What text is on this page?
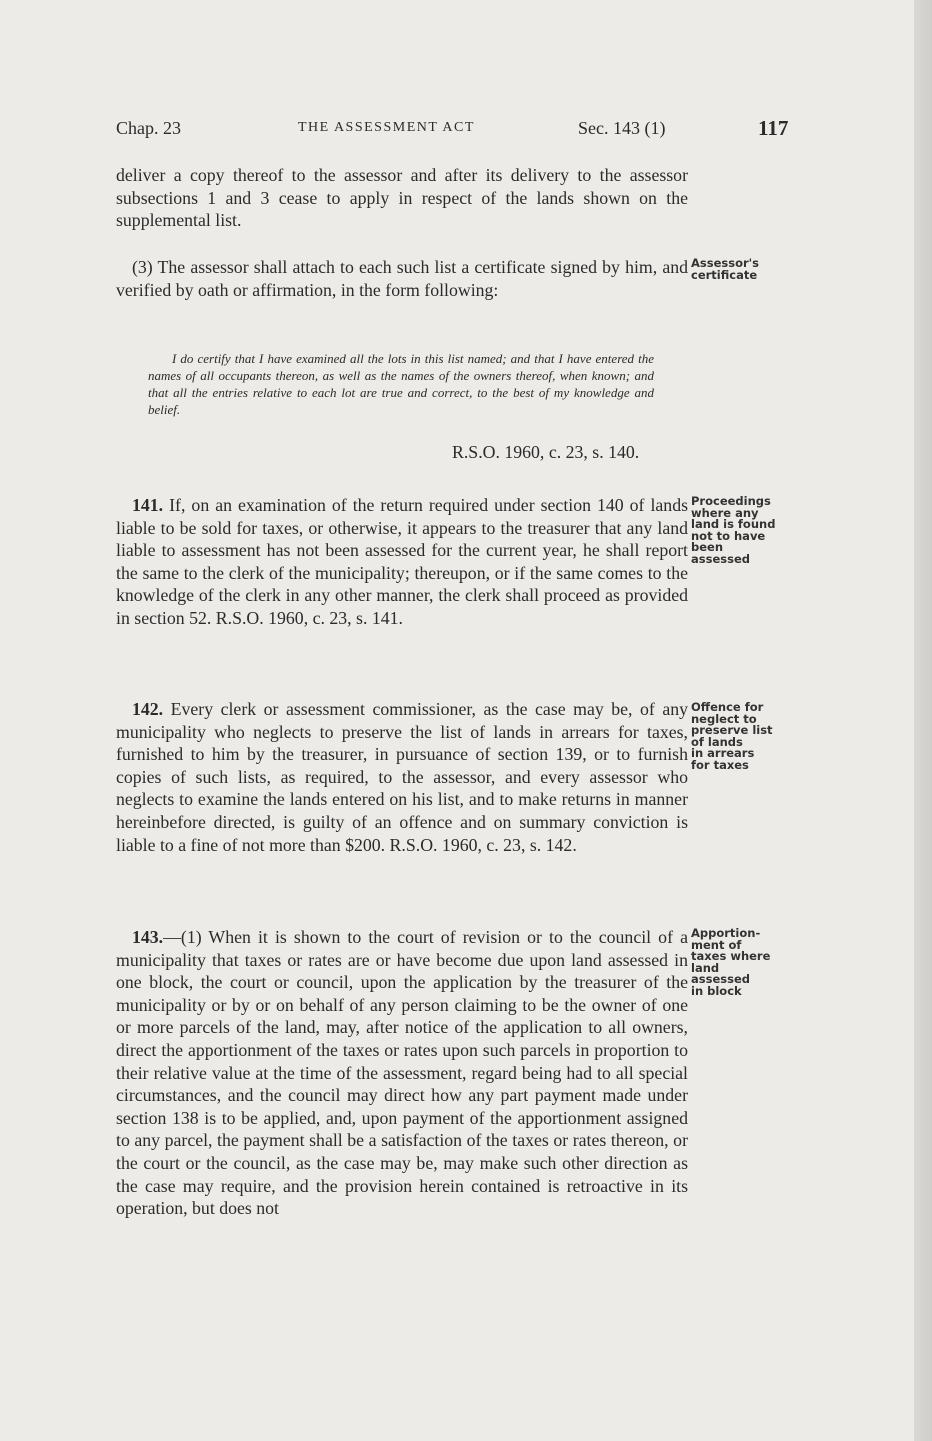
Chap. 23	THE ASSESSMENT ACT	Sec. 143 (1)	117

deliver a copy thereof to the assessor and after its delivery to the assessor subsections 1 and 3 cease to apply in respect of the lands shown on the supplemental list.

(3) The assessor shall attach to each such list a certificate signed by him, and verified by oath or affirmation, in the form following:

I do certify that I have examined all the lots in this list named; and that I have entered the names of all occupants thereon, as well as the names of the owners thereof, when known; and that all the entries relative to each lot are true and correct, to the best of my knowledge and belief.

R.S.O. 1960, c. 23, s. 140.

141. If, on an examination of the return required under section 140 of lands liable to be sold for taxes, or otherwise, it appears to the treasurer that any land liable to assessment has not been assessed for the current year, he shall report the same to the clerk of the municipality; thereupon, or if the same comes to the knowledge of the clerk in any other manner, the clerk shall proceed as provided in section 52. R.S.O. 1960, c. 23, s. 141.

142. Every clerk or assessment commissioner, as the case may be, of any municipality who neglects to preserve the list of lands in arrears for taxes, furnished to him by the treasurer, in pursuance of section 139, or to furnish copies of such lists, as required, to the assessor, and every assessor who neglects to examine the lands entered on his list, and to make returns in manner hereinbefore directed, is guilty of an offence and on summary conviction is liable to a fine of not more than $200. R.S.O. 1960, c. 23, s. 142.

143.—(1) When it is shown to the court of revision or to the council of a municipality that taxes or rates are or have become due upon land assessed in one block, the court or council, upon the application by the treasurer of the municipality or by or on behalf of any person claiming to be the owner of one or more parcels of the land, may, after notice of the application to all owners, direct the apportionment of the taxes or rates upon such parcels in proportion to their relative value at the time of the assessment, regard being had to all special circumstances, and the council may direct how any part payment made under section 138 is to be applied, and, upon payment of the apportionment assigned to any parcel, the payment shall be a satisfaction of the taxes or rates thereon, or the court or the council, as the case may be, may make such other direction as the case may require, and the provision herein contained is retroactive in its operation, but does not

Assessor's
certificate
Proceedings
where any
land is found
not to have
been
assessed
Offence for
neglect to
preserve list
of lands
in arrears
for taxes
Apportion-
ment of
taxes where
land
assessed
in block
